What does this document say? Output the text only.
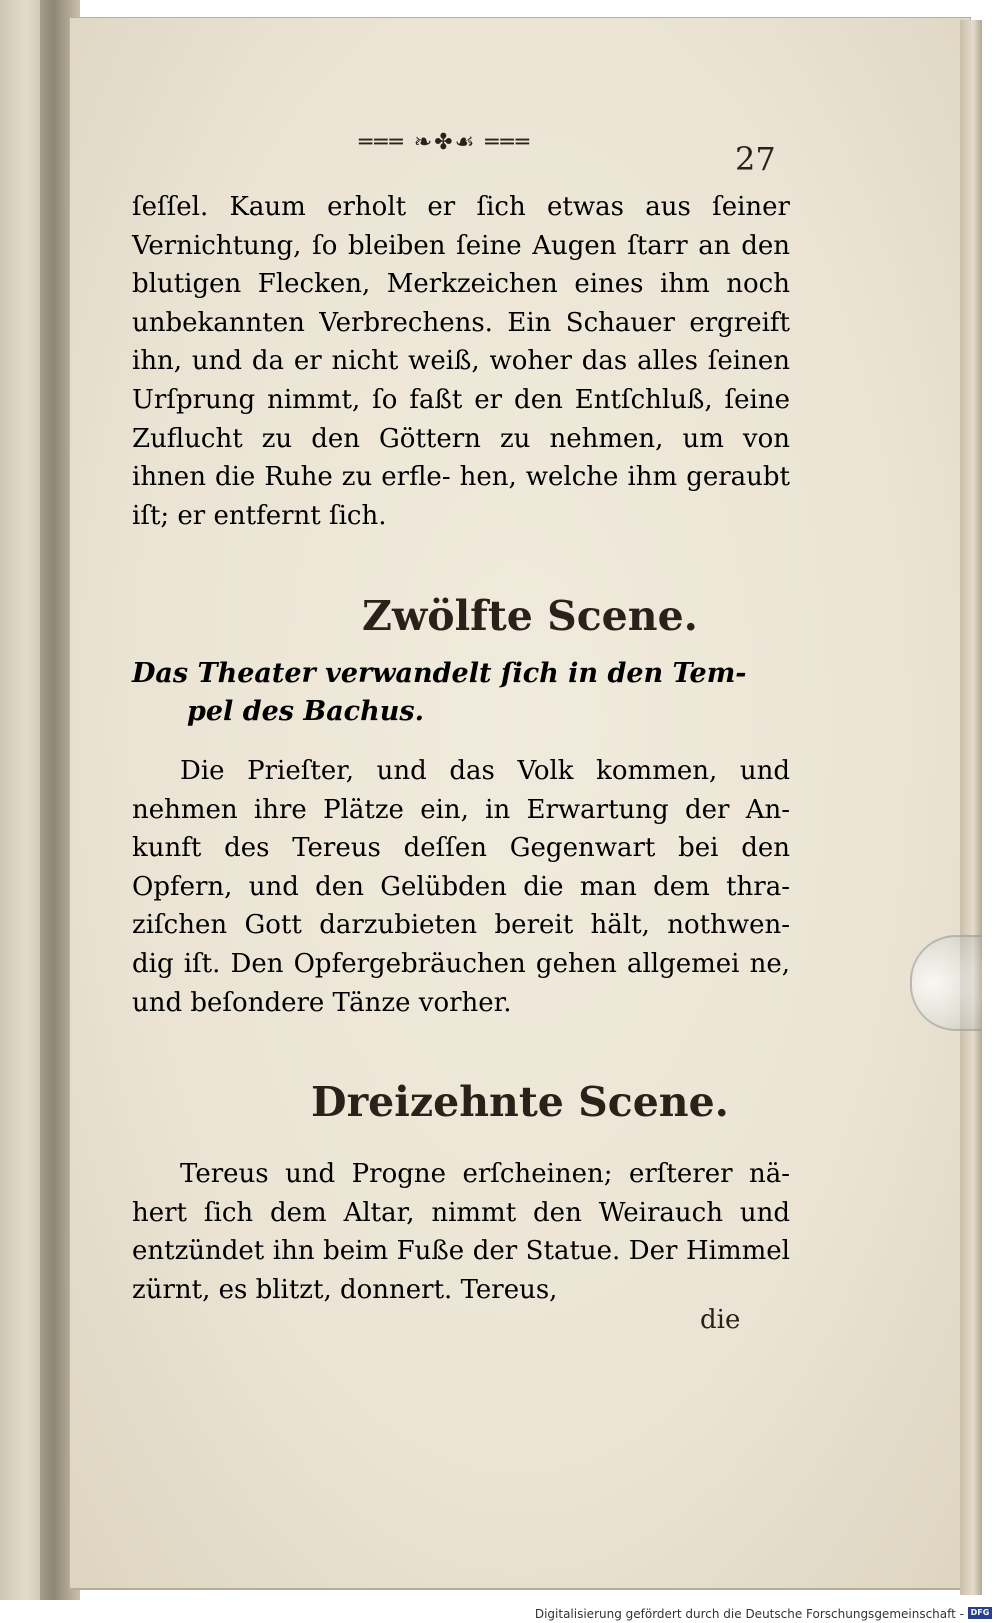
═══ ❧✤☙ ═══	27

ſeſſel. Kaum erholt er ſich etwas aus ſeiner Vernichtung, ſo bleiben ſeine Augen ſtarr an den blutigen Flecken, Merkzeichen eines ihm noch unbekannten Verbrechens. Ein Schauer ergreift ihn, und da er nicht weiß, woher das alles ſeinen Urſprung nimmt, ſo faßt er den Entſchluß, ſeine Zuflucht zu den Göttern zu nehmen, um von ihnen die Ruhe zu erfle- hen, welche ihm geraubt iſt; er entfernt ſich.

Zwölfte Scene.
Das Theater verwandelt ſich in den Tem-
pel des Bachus.

Die Prieſter, und das Volk kommen, und nehmen ihre Plätze ein, in Erwartung der An- kunft des Tereus deſſen Gegenwart bei den Opfern, und den Gelübden die man dem thra- ziſchen Gott darzubieten bereit hält, nothwen- dig iſt. Den Opfergebräuchen gehen allgemei ne, und beſondere Tänze vorher.

Dreizehnte Scene.

Tereus und Progne erſcheinen; erſterer nä- hert ſich dem Altar, nimmt den Weirauch und entzündet ihn beim Fuße der Statue. Der Himmel zürnt, es blitzt, donnert. Tereus,

die
Digitalisierung gefördert durch die Deutsche Forschungsgemeinschaft - DFG
